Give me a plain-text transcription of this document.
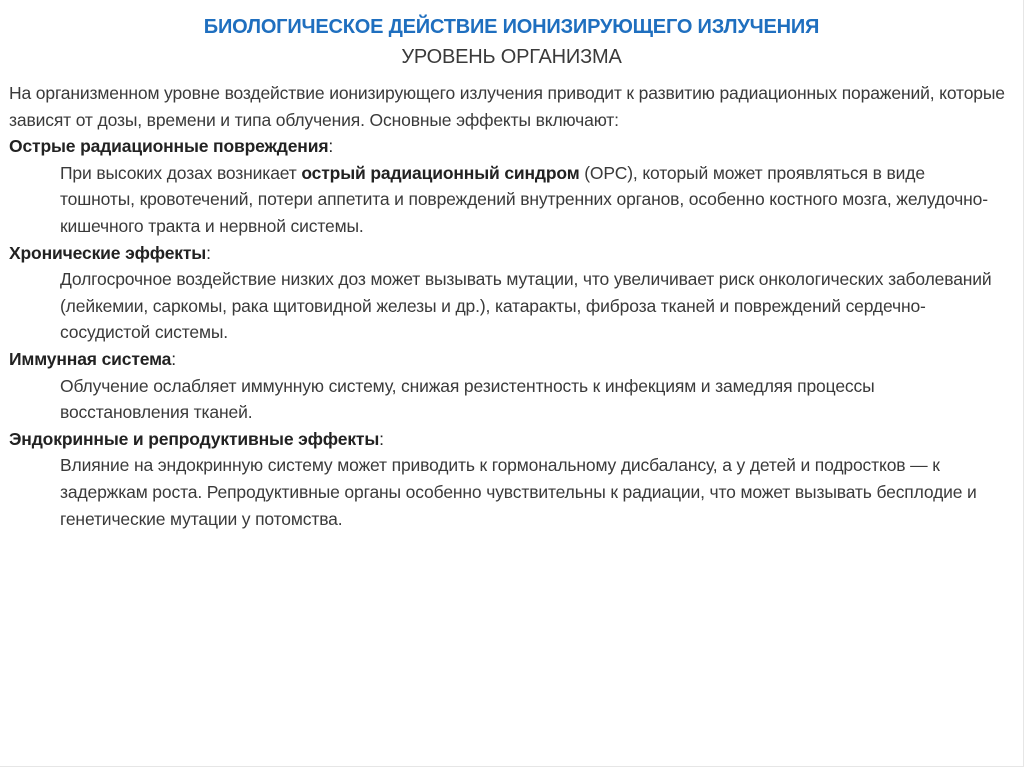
БИОЛОГИЧЕСКОЕ ДЕЙСТВИЕ ИОНИЗИРУЮЩЕГО ИЗЛУЧЕНИЯ
УРОВЕНЬ ОРГАНИЗМА

На организменном уровне воздействие ионизирующего излучения приводит к развитию радиационных поражений, которые зависят от дозы, времени и типа облучения. Основные эффекты включают:

Острые радиационные повреждения:

При высоких дозах возникает острый радиационный синдром (ОРС), который может проявляться в виде тошноты, кровотечений, потери аппетита и повреждений внутренних органов, особенно костного мозга, желудочно-кишечного тракта и нервной системы.

Хронические эффекты:

Долгосрочное воздействие низких доз может вызывать мутации, что увеличивает риск онкологических заболеваний (лейкемии, саркомы, рака щитовидной железы и др.), катаракты, фиброза тканей и повреждений сердечно-сосудистой системы.

Иммунная система:

Облучение ослабляет иммунную систему, снижая резистентность к инфекциям и замедляя процессы восстановления тканей.

Эндокринные и репродуктивные эффекты:

Влияние на эндокринную систему может приводить к гормональному дисбалансу, а у детей и подростков — к задержкам роста. Репродуктивные органы особенно чувствительны к радиации, что может вызывать бесплодие и генетические мутации у потомства.
